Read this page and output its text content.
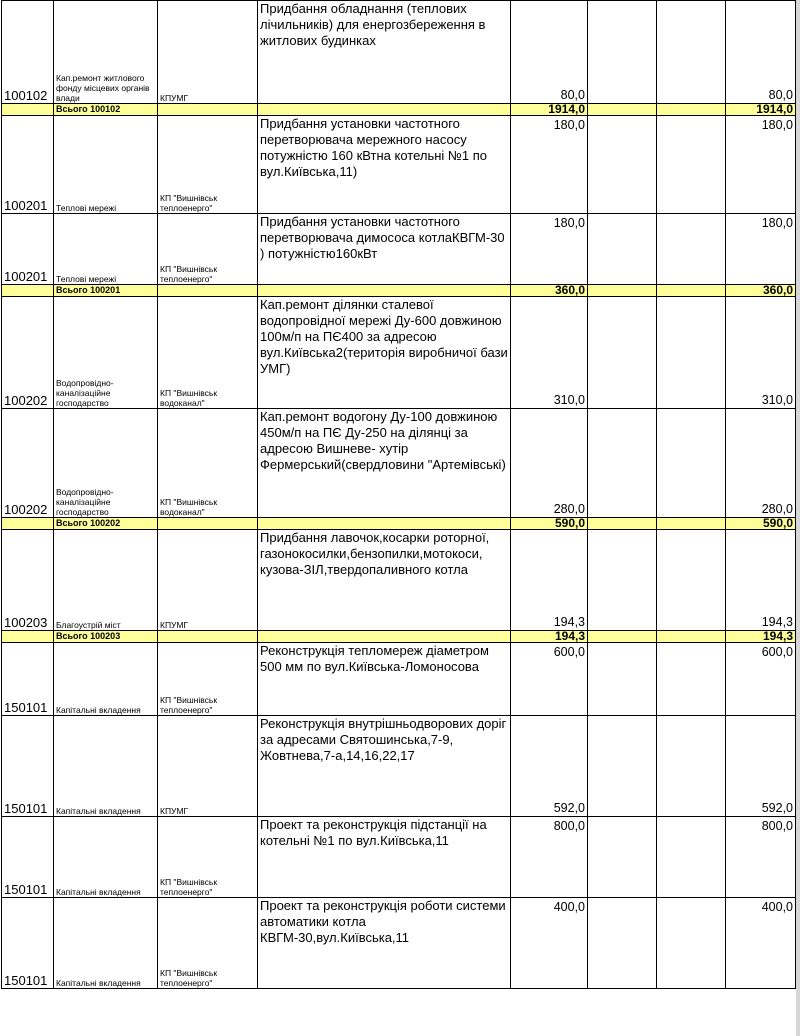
100102	Кап.ремонт житлового фонду місцевих органів влади	КПУМГ	Придбання обладнання (теплових лічильників) для енергозбереження в житлових будинках	80,0			80,0
	Всього 100102			1914,0			1914,0
100201	Теплові мережі	КП "Вишнівськ теплоенерго"	Придбання установки частотного перетворювача мережного насосу потужністю 160 кВтна котельні №1 по вул.Київська,11)	180,0			180,0
100201	Теплові мережі	КП "Вишнівськ теплоенерго"	Придбання установки частотного перетворювача димососа котлаКВГМ-30 ) потужністю160кВт	180,0			180,0
	Всього 100201			360,0			360,0
100202	Водопровідно-каналізаційне господарство	КП "Вишнівськ водоканал"	Кап.ремонт ділянки сталевої водопровідної мережі Ду-600 довжиною 100м/п на ПЄ400 за адресою вул.Київська2(територія виробничої бази УМГ)	310,0			310,0
100202	Водопровідно-каналізаційне господарство	КП "Вишнівськ водоканал"	Кап.ремонт водогону Ду-100 довжиною 450м/п на ПЄ Ду-250 на ділянці за адресою Вишневе- хутір Фермерський(свердловини "Артемівські)	280,0			280,0
	Всього 100202			590,0			590,0
100203	Благоустрій міст	КПУМГ	Придбання лавочок,косарки роторної, газонокосилки,бензопилки,мотокоси, кузова-ЗІЛ,твердопаливного котла	194,3			194,3
	Всього 100203			194,3			194,3
150101	Капітальні вкладення	КП "Вишнівськ теплоенерго"	Реконструкція тепломереж діаметром 500 мм по вул.Київська-Ломоносова	600,0			600,0
150101	Капітальні вкладення	КПУМГ	Реконструкція внутрішньодворових доріг за адресами Святошинська,7-9, Жовтнева,7-а,14,16,22,17	592,0			592,0
150101	Капітальні вкладення	КП "Вишнівськ теплоенерго"	Проект та реконструкція підстанції на котельні №1 по вул.Київська,11	800,0			800,0
150101	Капітальні вкладення	КП "Вишнівськ теплоенерго"	Проект та реконструкція роботи системи автоматики котла КВГМ-30,вул.Київська,11	400,0			400,0
